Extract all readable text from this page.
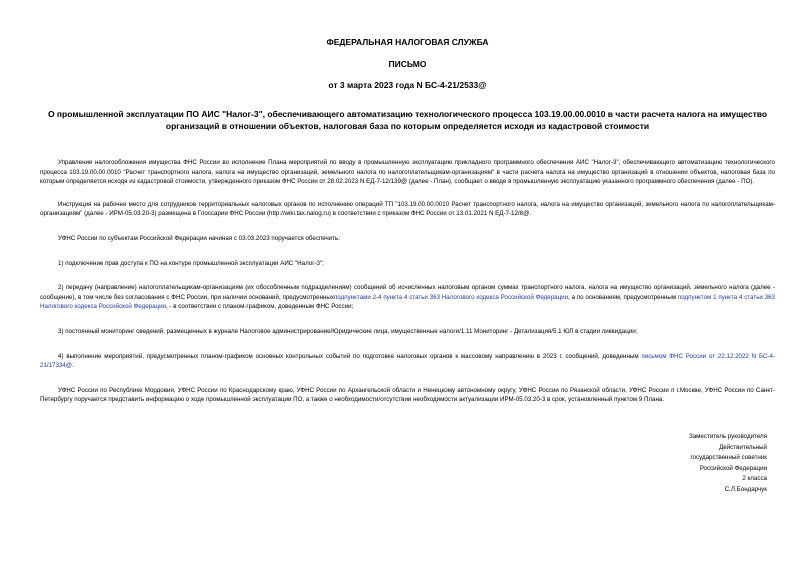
ФЕДЕРАЛЬНАЯ НАЛОГОВАЯ СЛУЖБА
ПИСЬМО
от 3 марта 2023 года N БС-4-21/2533@
О промышленной эксплуатации ПО АИС "Налог-3", обеспечивающего автоматизацию технологического процесса 103.19.00.00.0010 в части расчета налога на имущество организаций в отношении объектов, налоговая база по которым определяется исходя из кадастровой стоимости

Управление налогообложения имущества ФНС России во исполнение Плана мероприятий по вводу в промышленную эксплуатацию прикладного программного обеспечения АИС "Налог-3", обеспечивающего автоматизацию технологического процесса 103.19.00.00.0010 "Расчет транспортного налога, налога на имущество организаций, земельного налога по налогоплательщикам-организациям" в части расчета налога на имущество организаций в отношении объектов, налоговая база по которым определяется исходя из кадастровой стоимости, утвержденного приказом ФНС России от 28.02.2023 N ЕД-7-12/139@ (далее - План), сообщает о вводе в промышленную эксплуатацию указанного программного обеспечения (далее - ПО).

Инструкция на рабочее место для сотрудников территориальных налоговых органов по исполнению операций ТП "103.19.00.00.0010 Расчет транспортного налога, налога на имущество организаций, земельного налога по налогоплательщикам-организациям" (далее - ИРМ-05.03.20-3) размещена в Глоссарии ФНС России (http://wiki.tax.nalog.ru) в соответствии с приказом ФНС России от 13.01.2021 N ЕД-7-12/8@.

УФНС России по субъектам Российской Федерации начиная с 03.03.2023 поручается обеспечить:

1) подключение прав доступа к ПО на контуре промышленной эксплуатации АИС "Налог-3";

2) передачу (направление) налогоплательщикам-организациям (их обособленным подразделениям) сообщений об исчисленных налоговым органом суммах транспортного налога, налога на имущество организаций, земельного налога (далее - сообщение), в том числе без согласования с ФНС России, при наличии оснований, предусмотренныхподпунктами 2-4 пункта 4 статьи 363 Налогового кодекса Российской Федерации, а по основаниям, предусмотренным подпунктом 1 пункта 4 статьи 363 Налогового кодекса Российской Федерации, - в соответствии с планом-графиком, доведенным ФНС России;

3) постоянный мониторинг сведений, размещенных в журнале Налоговое администрирование/Юридические лица, имущественные налоги/1.11 Мониторинг - Детализация/5.1 ЮЛ в стадии ликвидации;

4) выполнение мероприятий, предусмотренных планом-графиком основных контрольных событий по подготовке налоговых органов к массовому направлению в 2023 г. сообщений, доведенным письмом ФНС России от 22.12.2022 N БС-4-21/17334@.

УФНС России по Республике Мордовия, УФНС России по Краснодарскому краю, УФНС России по Архангельской области и Ненецкому автономному округу, УФНС России по Рязанской области, УФНС России п г.Москве, УФНС России по Санкт-Петербургу поручается представить информацию о ходе промышленной эксплуатации ПО, а также о необходимости/отсутствии необходимости актуализации ИРМ-05.03.20-3 в срок, установленный пунктом 9 Плана.

Заместитель руководителя
Действительный
государственный советник
Российской Федерации
2 класса
С.Л.Бондарчук
